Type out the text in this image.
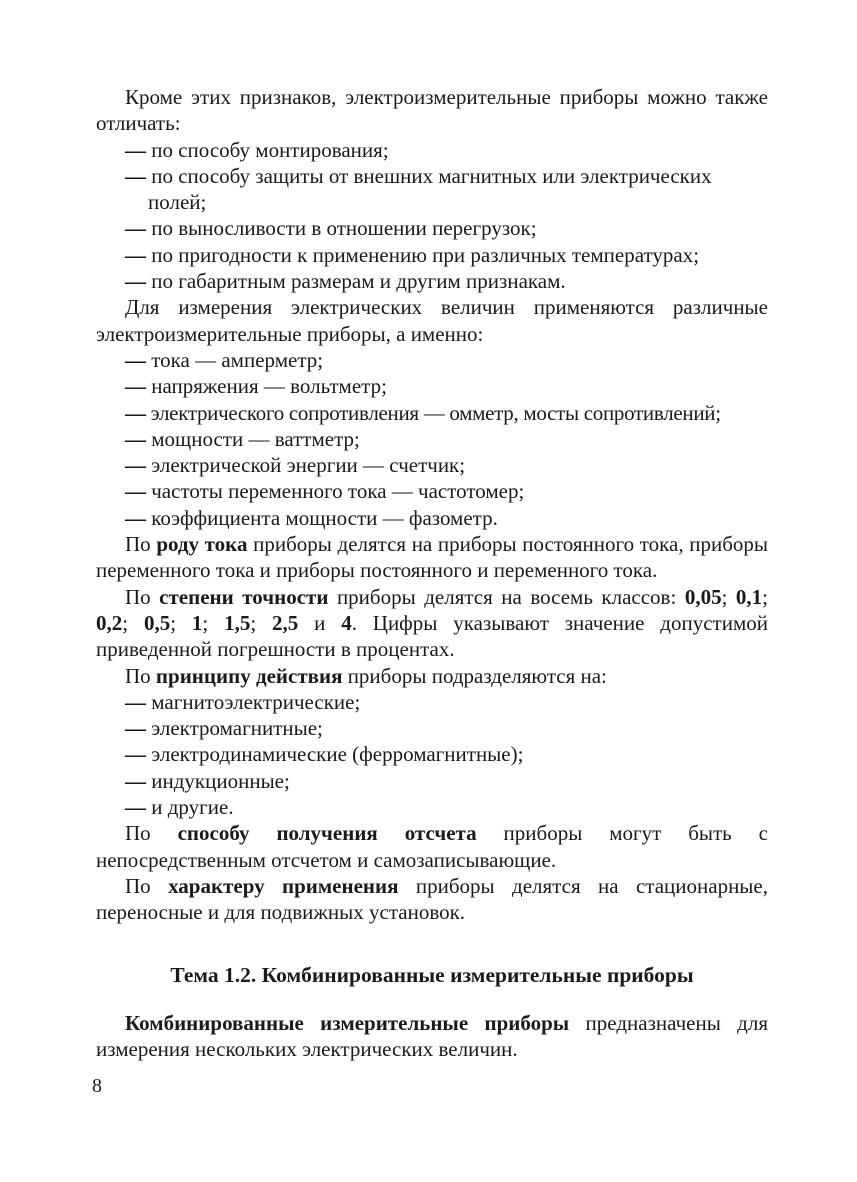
Кроме этих признаков, электроизмерительные приборы можно также отличать:

— по способу монтирования;

— по способу защиты от внешних магнитных или электрических полей;

— по выносливости в отношении перегрузок;

— по пригодности к применению при различных температурах;

— по габаритным размерам и другим признакам.

Для измерения электрических величин применяются различные электроизмерительные приборы, а именно:

— тока — амперметр;

— напряжения — вольтметр;

— электрического сопротивления — омметр, мосты сопротивлений;

— мощности — ваттметр;

— электрической энергии — счетчик;

— частоты переменного тока — частотомер;

— коэффициента мощности — фазометр.

По роду тока приборы делятся на приборы постоянного тока, приборы переменного тока и приборы постоянного и переменного тока.

По степени точности приборы делятся на восемь классов: 0,05; 0,1; 0,2; 0,5; 1; 1,5; 2,5 и 4. Цифры указывают значение допустимой приведенной погрешности в процентах.

По принципу действия приборы подразделяются на:

— магнитоэлектрические;

— электромагнитные;

— электродинамические (ферромагнитные);

— индукционные;

— и другие.

По способу получения отсчета приборы могут быть с непосредственным отсчетом и самозаписывающие.

По характеру применения приборы делятся на стационарные, переносные и для подвижных установок.

Тема 1.2. Комбинированные измерительные приборы

Комбинированные измерительные приборы предназначены для измерения нескольких электрических величин.

8
